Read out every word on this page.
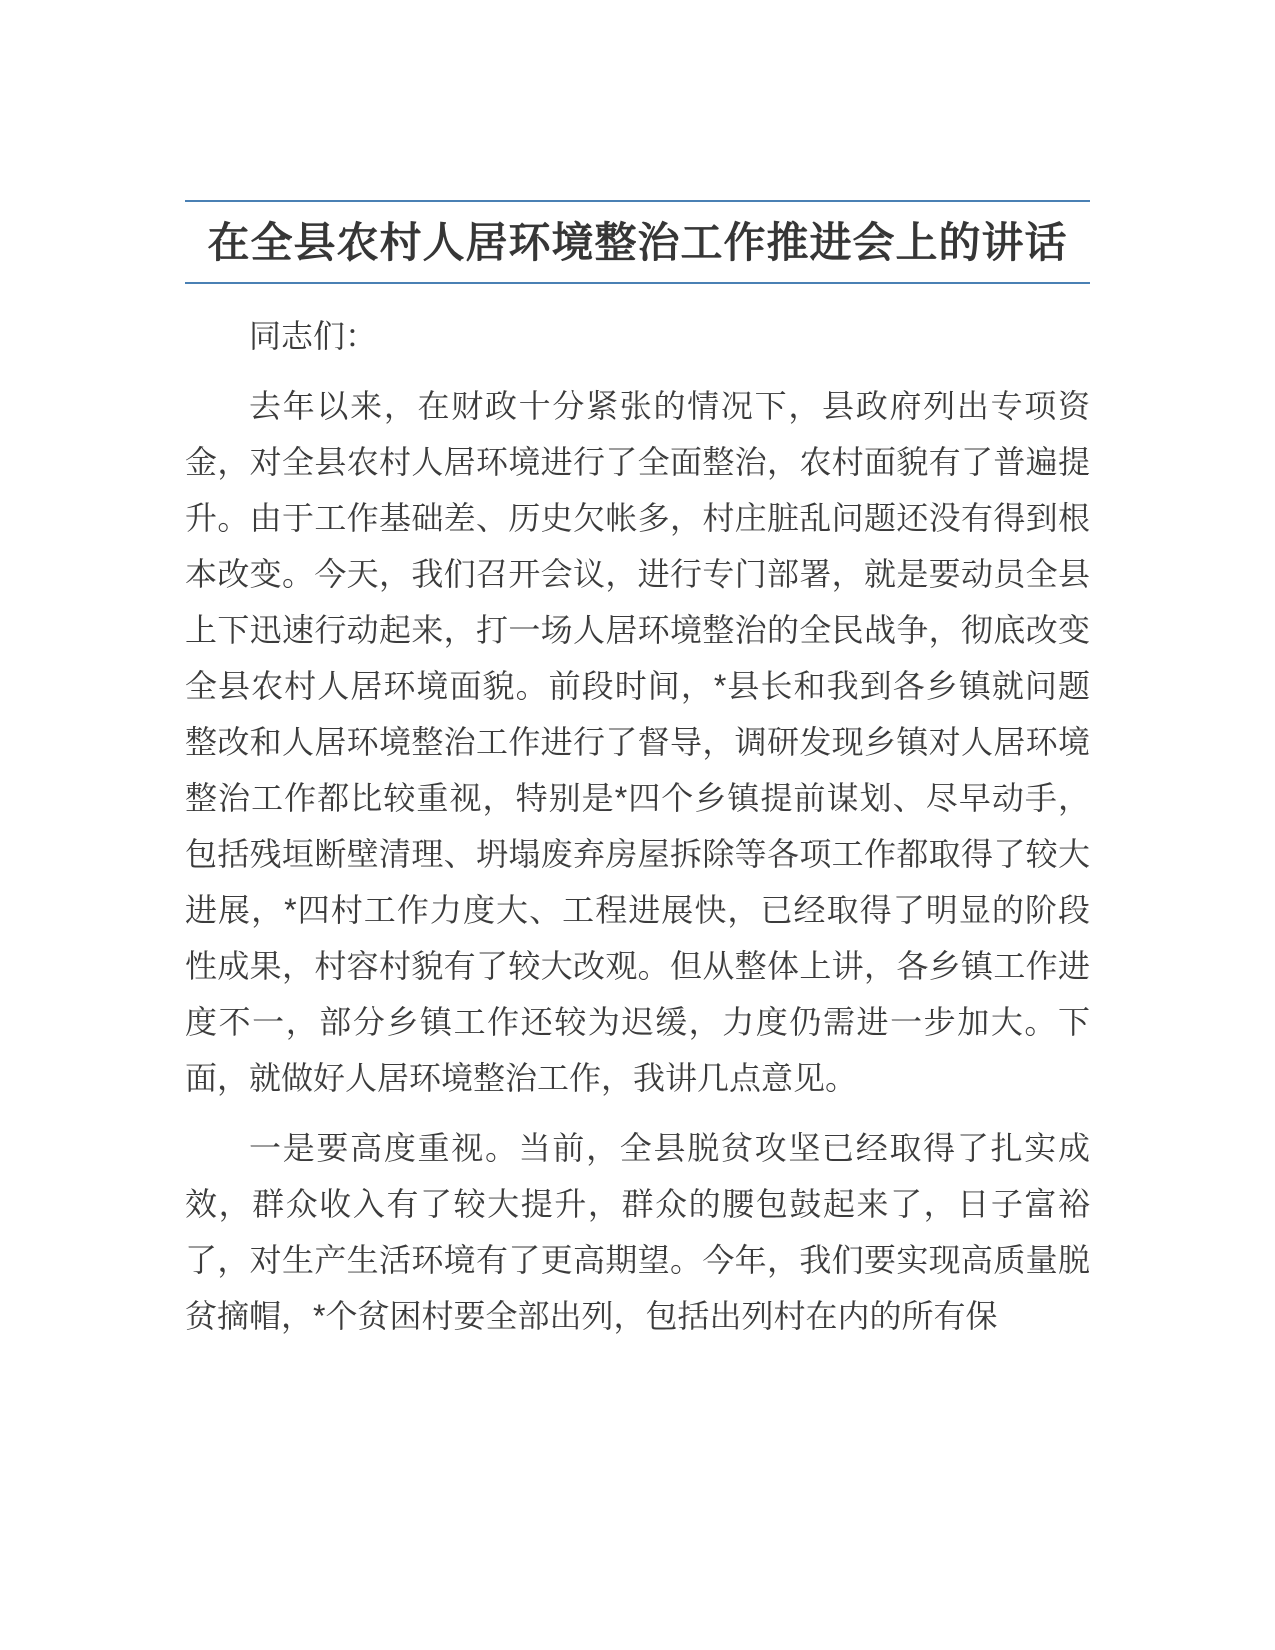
在全县农村人居环境整治工作推进会上的讲话

同志们：

去年以来，在财政十分紧张的情况下，县政府列出专项资金，对全县农村人居环境进行了全面整治，农村面貌有了普遍提升。由于工作基础差、历史欠帐多，村庄脏乱问题还没有得到根本改变。今天，我们召开会议，进行专门部署，就是要动员全县上下迅速行动起来，打一场人居环境整治的全民战争，彻底改变全县农村人居环境面貌。前段时间，*县长和我到各乡镇就问题整改和人居环境整治工作进行了督导，调研发现乡镇对人居环境整治工作都比较重视，特别是*四个乡镇提前谋划、尽早动手，包括残垣断壁清理、坍塌废弃房屋拆除等各项工作都取得了较大进展，*四村工作力度大、工程进展快，已经取得了明显的阶段性成果，村容村貌有了较大改观。但从整体上讲，各乡镇工作进度不一，部分乡镇工作还较为迟缓，力度仍需进一步加大。下面，就做好人居环境整治工作，我讲几点意见。

一是要高度重视。当前，全县脱贫攻坚已经取得了扎实成效，群众收入有了较大提升，群众的腰包鼓起来了，日子富裕了，对生产生活环境有了更高期望。今年，我们要实现高质量脱贫摘帽，*个贫困村要全部出列，包括出列村在内的所有保
